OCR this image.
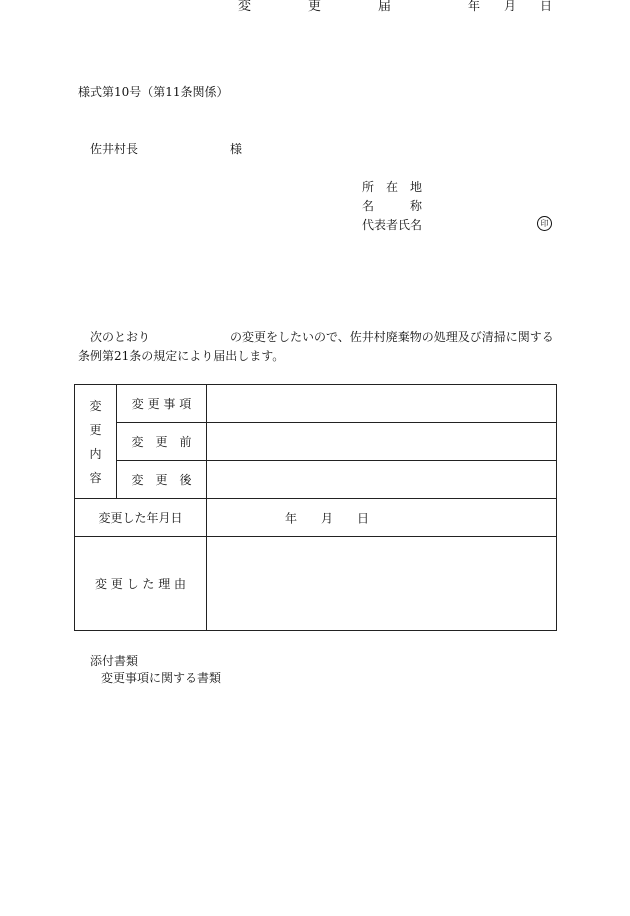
様式第10号（第11条関係）
年 月 日
佐井村長	様
所　在　地
名　　　称
代表者氏名	印
変	更	届
次のとおり	の変更をしたいので、佐井村廃棄物の処理及び清掃に関する
条例第21条の規定により届出します。
変
更
内
容	変 更 事 項	
	変　更　前	
	変　更　後	
変更した年月日		年 月 日

変 更 し た 理 由		
添付書類
変更事項に関する書類
